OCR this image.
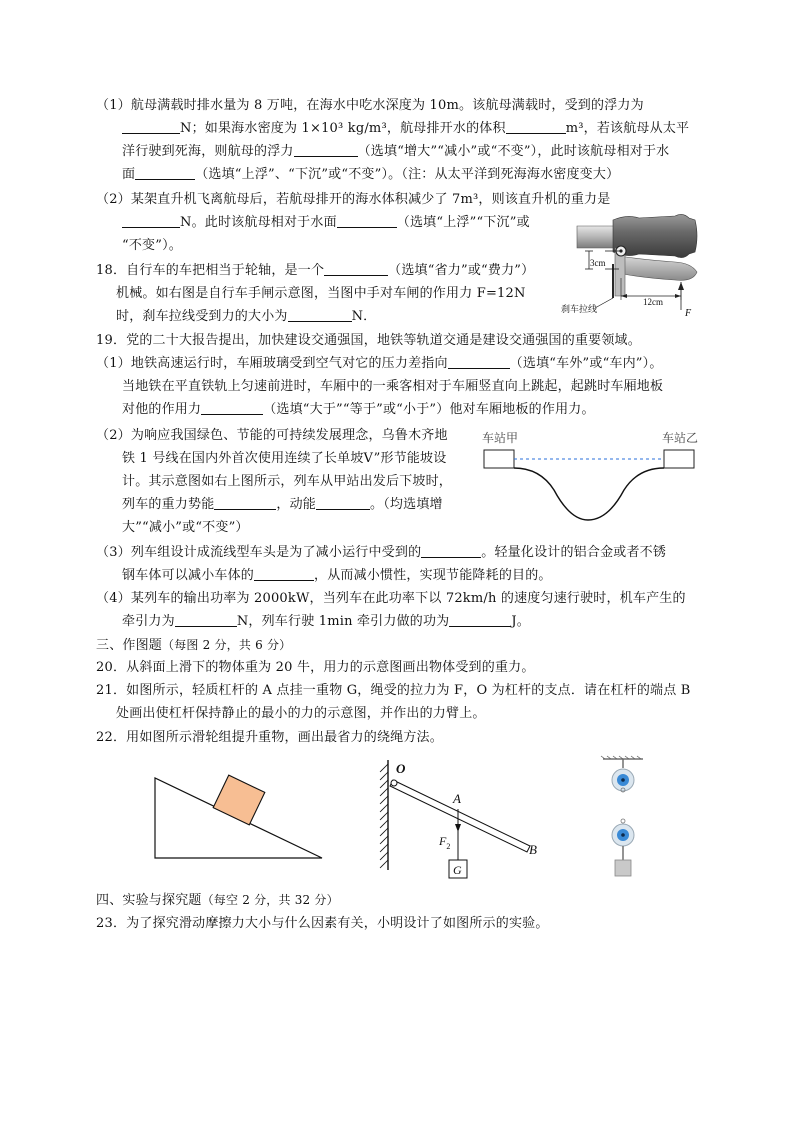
（1）航母满载时排水量为 8 万吨，在海水中吃水深度为 10m。该航母满载时，受到的浮力为
N；如果海水密度为 1×10³ kg/m³，航母排开水的体积	m³，若该航母从太平
洋行驶到死海，则航母的浮力	（选填“增大”“减小”或“不变”），此时该航母相对于水
面	（选填“上浮”、“下沉”或“不变”）。（注：从太平洋到死海海水密度变大）
（2）某架直升机飞离航母后，若航母排开的海水体积减少了 7m³，则该直升机的重力是
N。此时该航母相对于水面	（选填“上浮”“下沉”或
“不变”）。
18．自行车的车把相当于轮轴，是一个	（选填“省力”或“费力”）
机械。如右图是自行车手闸示意图，当图中手对车闸的作用力 F=12N
时，刹车拉线受到力的大小为	N．
3cm
刹车拉线
12cm
F
19．党的二十大报告提出，加快建设交通强国，地铁等轨道交通是建设交通强国的重要领域。
（1）地铁高速运行时，车厢玻璃受到空气对它的压力差指向	（选填“车外”或“车内”）。
当地铁在平直铁轨上匀速前进时，车厢中的一乘客相对于车厢竖直向上跳起，起跳时车厢地板
对他的作用力	（选填“大于”“等于”或“小于”）他对车厢地板的作用力。
（2）为响应我国绿色、节能的可持续发展理念，乌鲁木齐地
铁 1 号线在国内外首次使用连续了长单坡V”形节能坡设
计。其示意图如右上图所示，列车从甲站出发后下坡时，
列车的重力势能	，动能	。（均选填增
大”“减小”或“不变”）
车站甲	车站乙
（3）列车组设计成流线型车头是为了减小运行中受到的	。轻量化设计的铝合金或者不锈
钢车体可以减小车体的	，从而减小惯性，实现节能降耗的目的。
（4）某列车的输出功率为 2000kW，当列车在此功率下以 72km/h 的速度匀速行驶时，机车产生的
牵引力为	N，列车行驶 1min 牵引力做的功为	J。
三、作图题（每图 2 分，共 6 分）
20．从斜面上滑下的物体重为 20 牛，用力的示意图画出物体受到的重力。
21．如图所示，轻质杠杆的 A 点挂一重物 G，绳受的拉力为 F，O 为杠杆的支点．请在杠杆的端点 B
处画出使杠杆保持静止的最小的力的示意图，并作出的力臂上。
22．用如图所示滑轮组提升重物，画出最省力的绕绳方法。
O
A
B
$F_2$
G
四、实验与探究题（每空 2 分，共 32 分）
23．为了探究滑动摩擦力大小与什么因素有关，小明设计了如图所示的实验。
